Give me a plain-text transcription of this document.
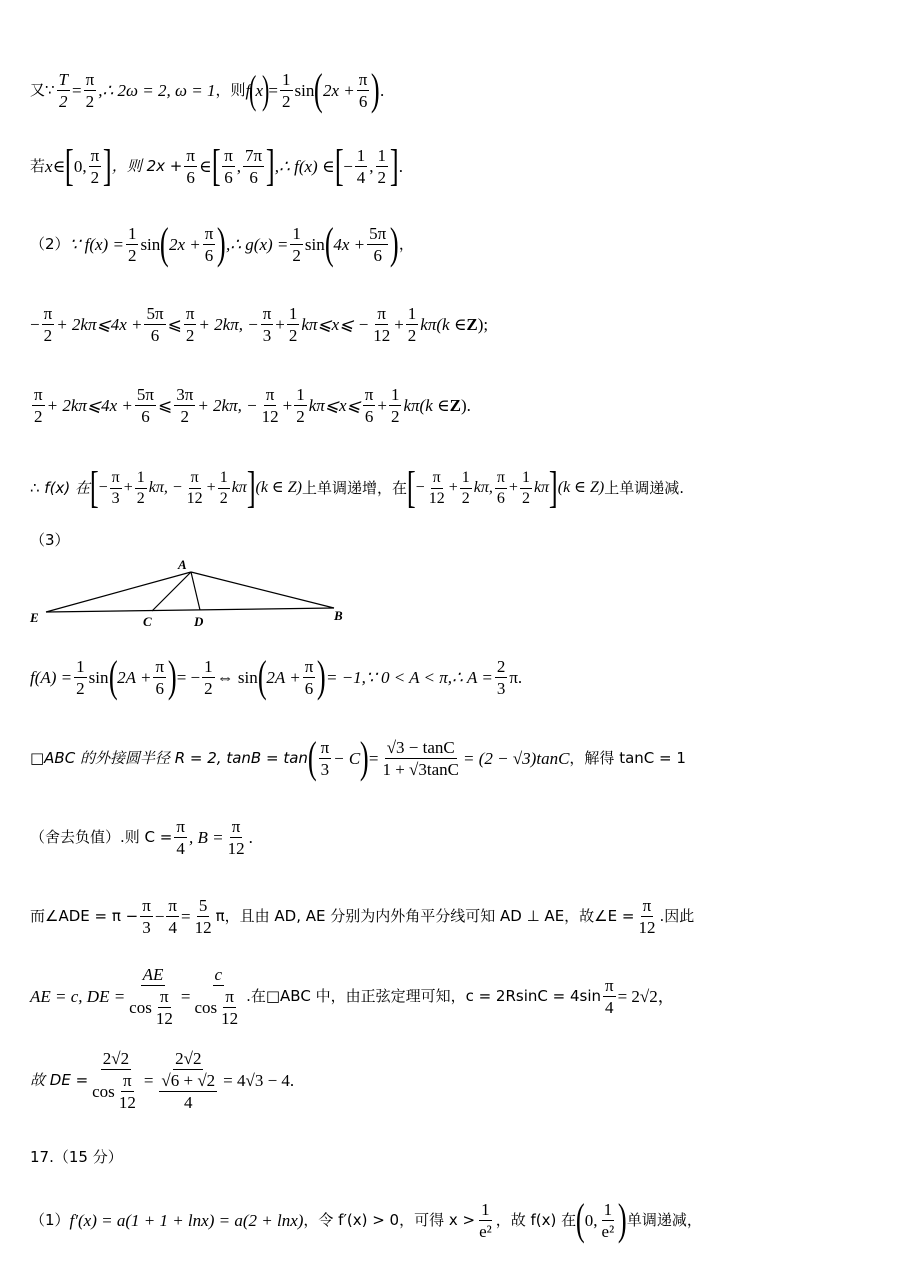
又∵ $\frac{T}{2} = \frac{\pi}{2}$ ,∴ 2ω = 2, ω = 1 ，则 f
(
x
)
= $\frac{1}{2}$ sin ( $2x + \frac{\pi}{6}$ ) .
若 x ∈ [ 0, $\frac{\pi}{2}$ ] ，则 $2x + \frac{\pi}{6}$ ∈ [ $\frac{\pi}{6}$ , $\frac{7\pi}{6}$ ] ,∴ f(x) ∈ [ − $\frac{1}{4}$ , $\frac{1}{2}$ ] .
（2） ∵ $f(x) = \frac{1}{2}$ sin ( $2x + \frac{\pi}{6}$ ) ,∴ $g(x) = \frac{1}{2}$ sin ( $4x + \frac{5\pi}{6}$ ) ，
− $\frac{\pi}{2}$ + 2kπ⩽4x + $\frac{5\pi}{6}$ ⩽ $\frac{\pi}{2} + 2k\pi$, − $\frac{\pi}{3} + \frac{1}{2}$ kπ⩽x⩽ − $\frac{\pi}{12} + \frac{1}{2}$ kπ (k ∈ Z );
$\frac{\pi}{2}$ + 2kπ⩽4x + $\frac{5\pi}{6}$ ⩽ $\frac{3\pi}{2} + 2k\pi$, − $\frac{\pi}{12} + \frac{1}{2}$ kπ⩽x⩽ $\frac{\pi}{6} + \frac{1}{2}$ kπ (k ∈ Z ).
∴ f(x) 在 [ − $\frac{\pi}{3} + \frac{1}{2} k\pi$, − $\frac{\pi}{12} + \frac{1}{2}$ kπ ] (k ∈ Z) 上单调递增，在 [ − $\frac{\pi}{12} + \frac{1}{2} k\pi$, $\frac{\pi}{6} + \frac{1}{2}$ kπ ] (k ∈ Z) 上单调递减.
（3）
A
E	C	D	B
$f(A) = \frac{1}{2}$ sin ( $2A + \frac{\pi}{6}$ ) = − $\frac{1}{2}$ ⇔ sin ( $2A + \frac{\pi}{6}$ ) = −1,∵ 0 < A < π,∴ $A = \frac{2}{3} \pi$.
□ABC 的外接圆半径 R = 2, tanB = tan ( $\frac{\pi}{3} - C$ ) = $\frac{√3 - \tan C}{1 + √3\tan C} = (2 - √3)\tan C$ ，解得 tanC = 1
（舍去负值）.则 $C = \frac{\pi}{4}$ , $B = \frac{\pi}{12}$ .
而∠ADE = $\pi - \frac{\pi}{3} - \frac{\pi}{4} = \frac{5}{12}$ π，且由 AD, AE 分别为内外角平分线可知 AD ⊥ AE，故∠E = $\frac{\pi}{12}$ .因此
AE = c, DE = $\frac{AE}{\cos \frac{\pi}{12}} = \frac{c}{\cos \frac{\pi}{12}}$ .在□ABC 中，由正弦定理可知，$c = 2RsinC = 4\sin \frac{\pi}{4} = 2√2$，
故 DE = $\frac{2√2}{\cos \frac{\pi}{12}} = \frac{2√2}{\frac{√6 + √2}{4}} = 4√3 - 4$ .
17.（15 分）
（1） f′(x) = a(1 + 1 + lnx) = a(2 + lnx) ，令 f′(x) > 0，可得 $x > \frac{1}{\text{e²}}$ ，故 f(x) 在 ( 0, $\frac{1}{\text{e²}}$ ) 单调递减，
